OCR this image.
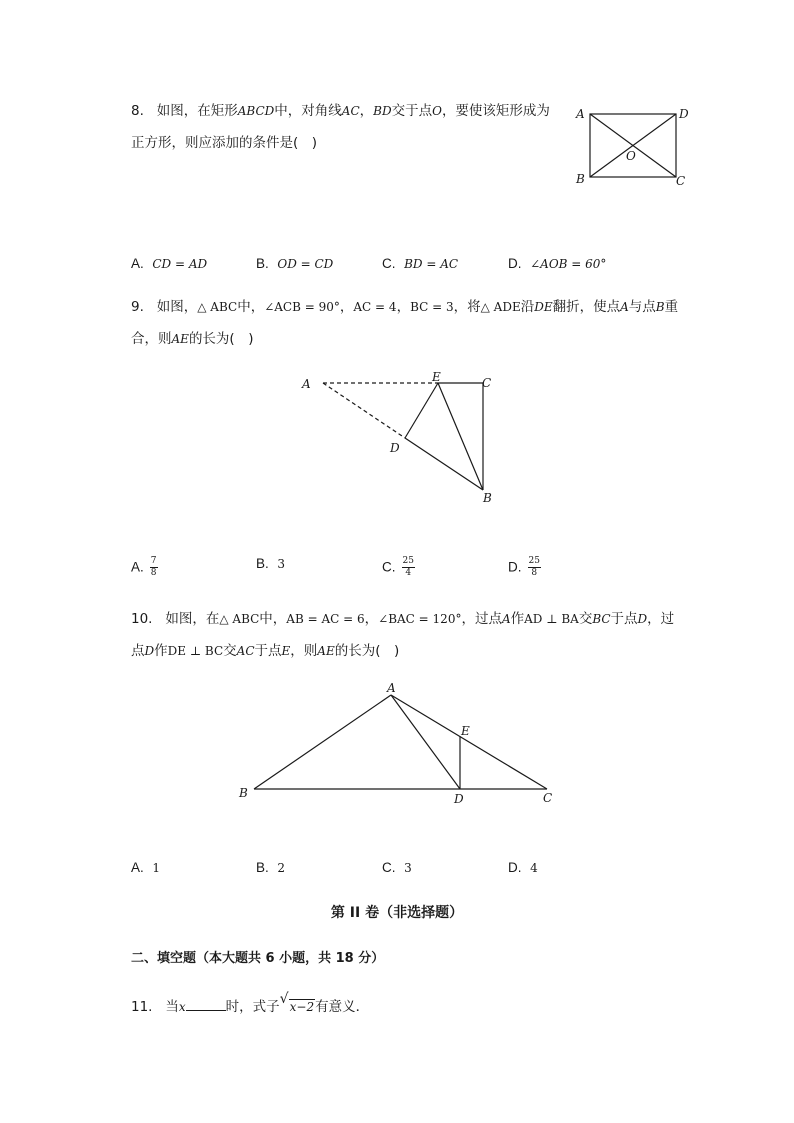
8. 如图，在矩形ABCD中，对角线AC，BD交于点O，要使该矩形成为
正方形，则应添加的条件是(　)
A	D
B	C
O
A. CD = AD	B. OD = CD	C. BD = AC	D. ∠AOB = 60°
9. 如图，△ ABC中，∠ACB = 90°，AC = 4，BC = 3，将△ ADE沿DE翻折，使点A与点B重
合，则AE的长为(　)
A	E	C
D
B
A. $\frac{7}{8}$	B. 3	C. $\frac{25}{4}$	D. $\frac{25}{8}$
10. 如图，在△ ABC中，AB = AC = 6，∠BAC = 120°，过点A作AD ⊥ BA交BC于点D，过
点D作DE ⊥ BC交AC于点E，则AE的长为(　)
A
E
B	D	C
A. 1	B. 2	C. 3	D. 4
第 II 卷（非选择题）
二、填空题（本大题共 6 小题，共 18 分）
11. 当x	时，式子 √ x−2有意义．
